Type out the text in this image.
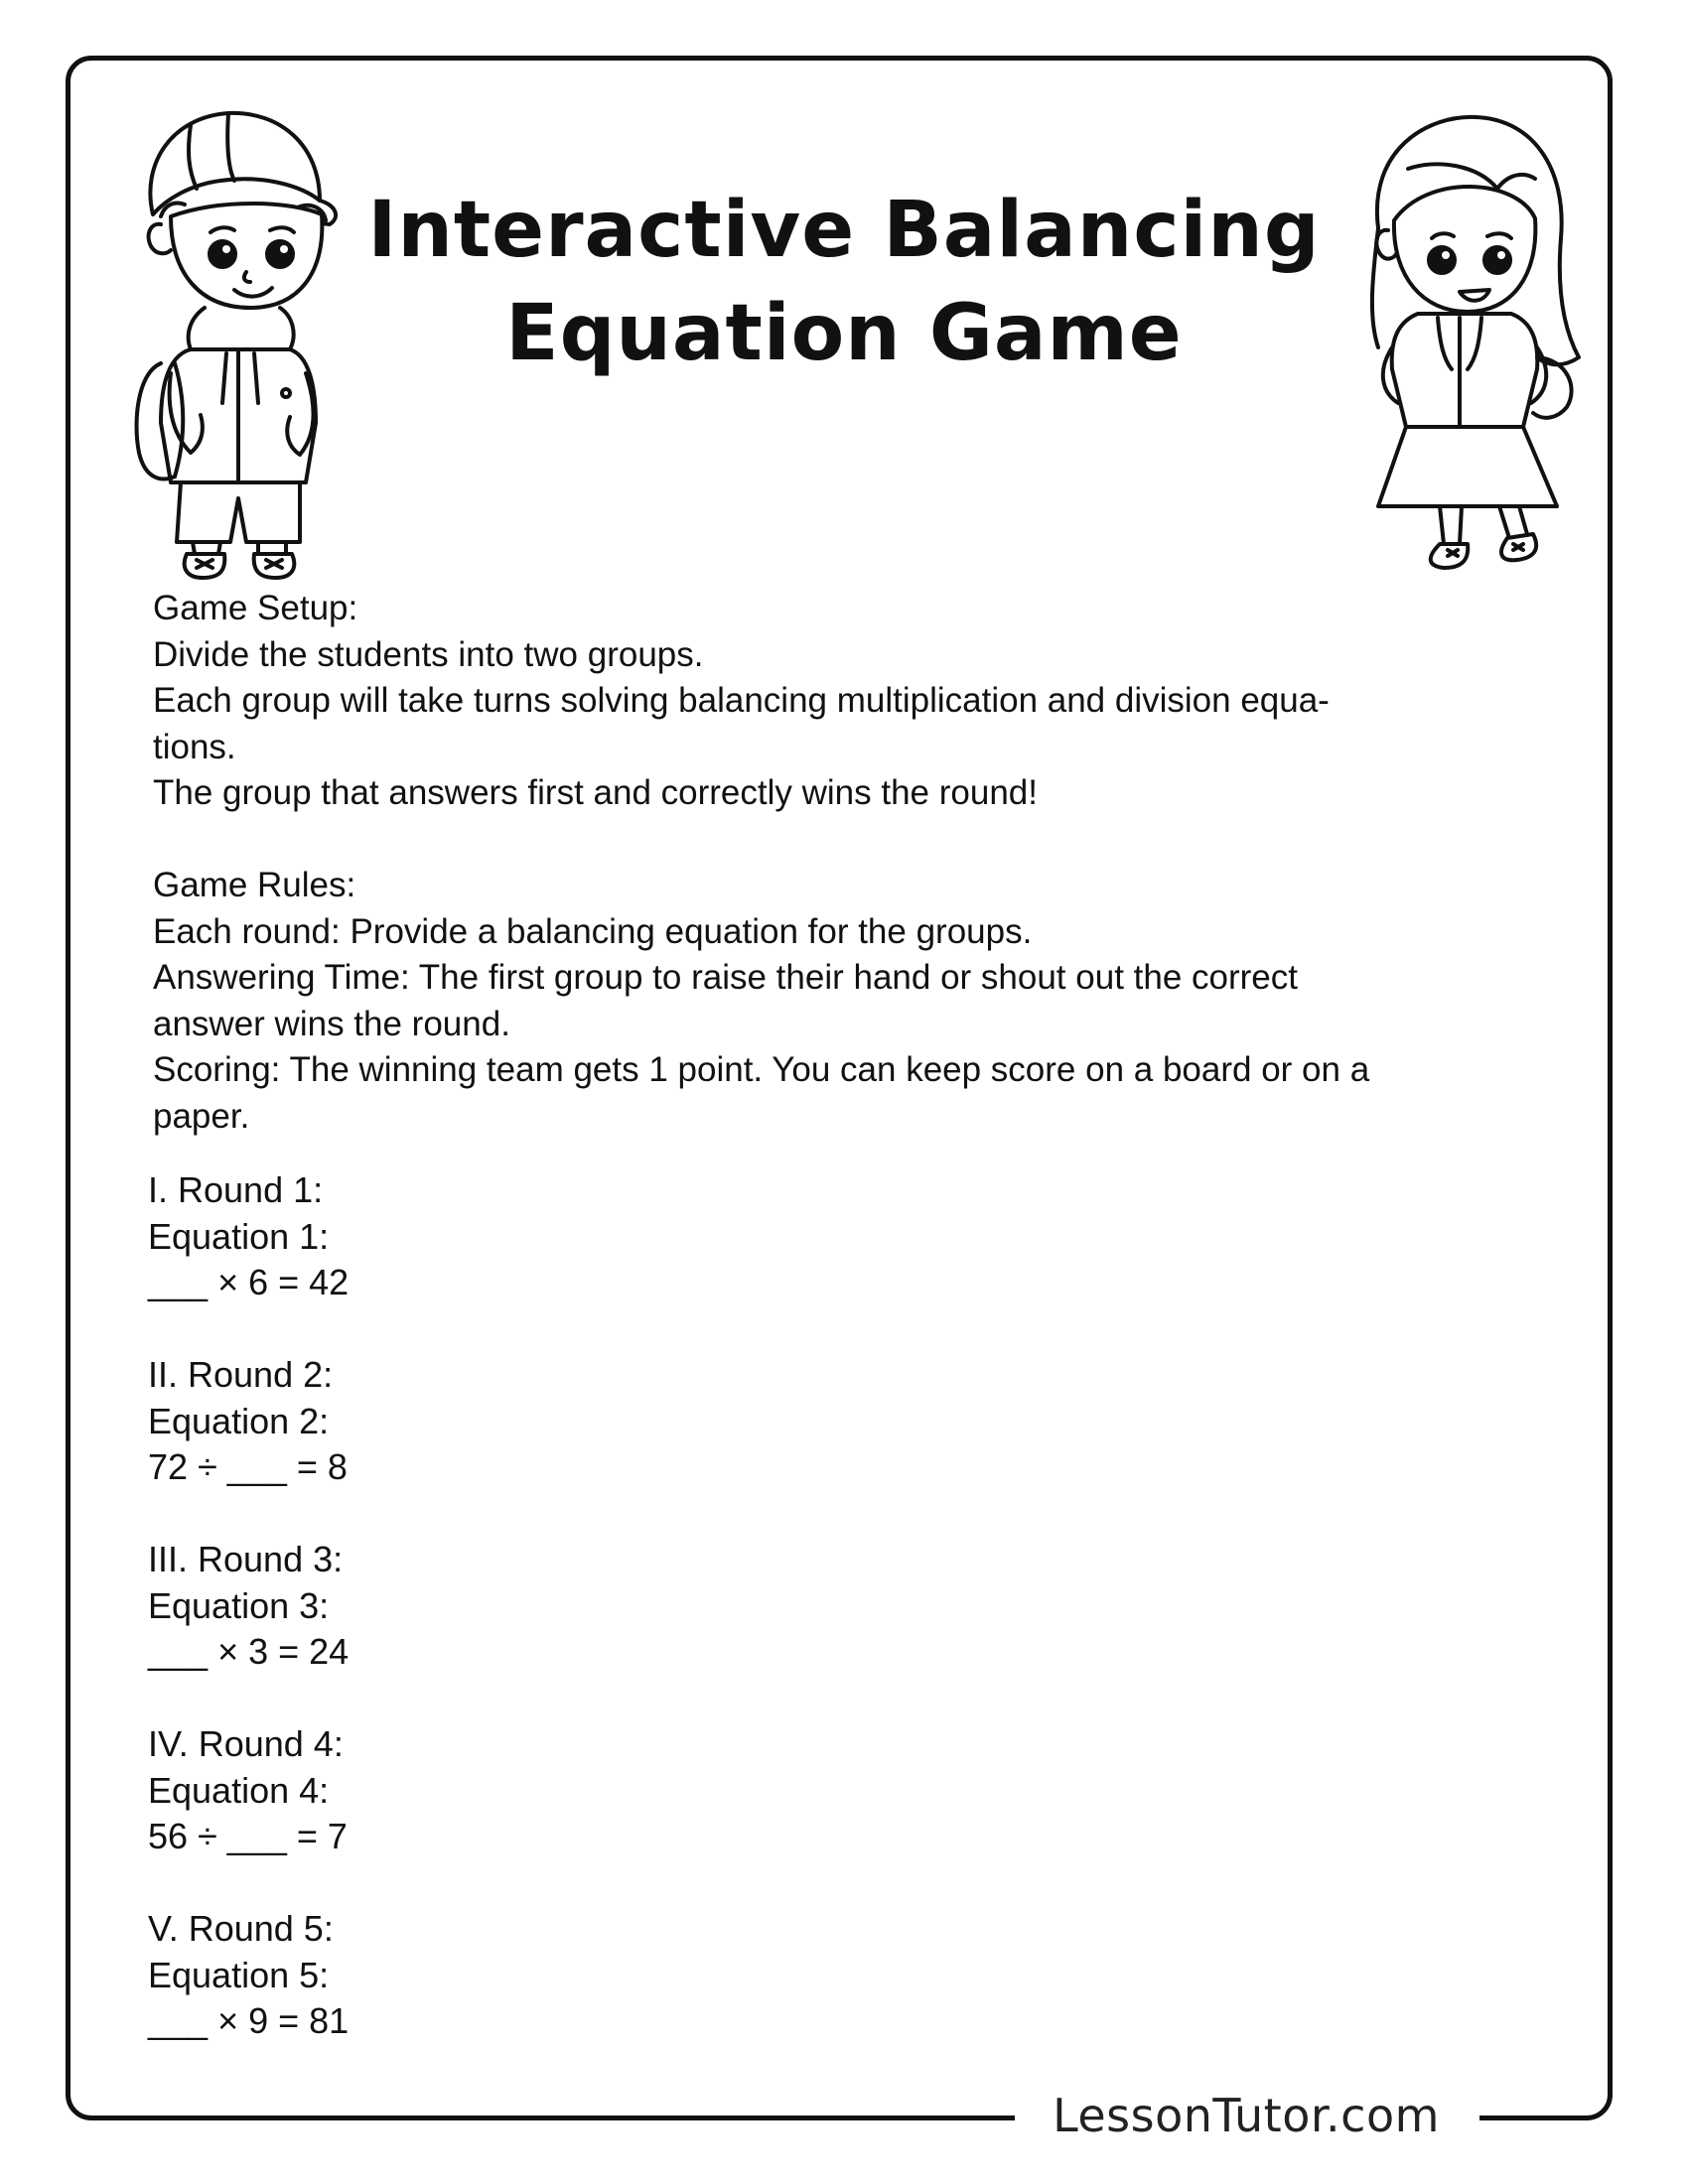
LessonTutor.com
Interactive Balancing
Equation Game

Game Setup:

Divide the students into two groups.

Each group will take turns solving balancing multiplication and division equa-

tions.

The group that answers first and correctly wins the round!

Game Rules:

Each round: Provide a balancing equation for the groups.

Answering Time: The first group to raise their hand or shout out the correct

answer wins the round.

Scoring: The winning team gets 1 point. You can keep score on a board or on a

paper.

I. Round 1:

Equation 1:

___ × 6 = 42

II. Round 2:

Equation 2:

72 ÷ ___ = 8

III. Round 3:

Equation 3:

___ × 3 = 24

IV. Round 4:

Equation 4:

56 ÷ ___ = 7

V. Round 5:

Equation 5:

___ × 9 = 81
